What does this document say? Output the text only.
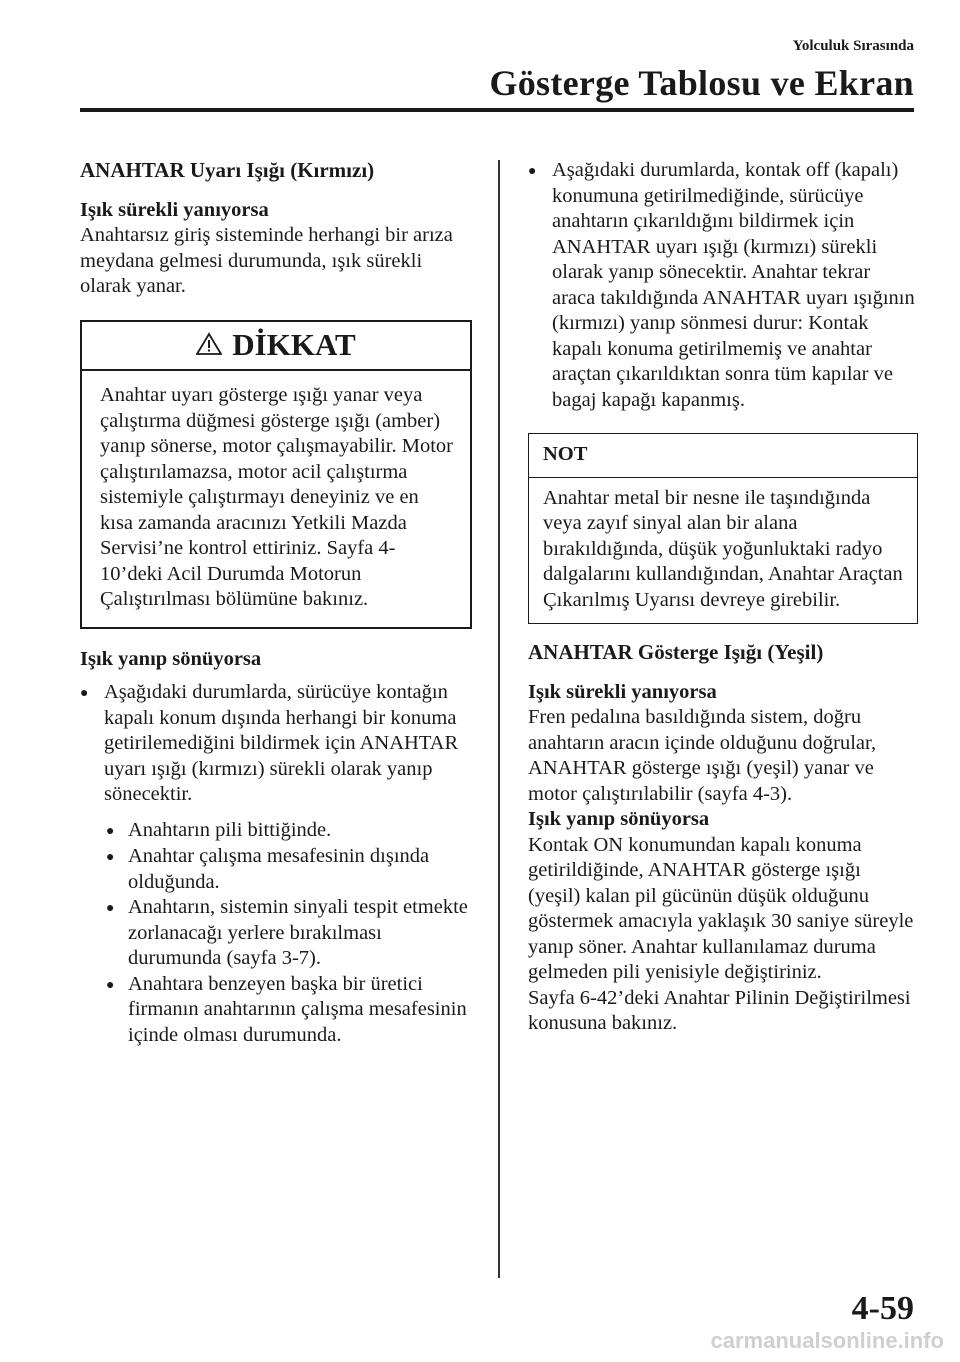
Yolculuk Sırasında
Gösterge Tablosu ve Ekran
ANAHTAR Uyarı Işığı (Kırmızı)
Işık sürekli yanıyorsa

Anahtarsız giriş sisteminde herhangi bir arıza meydana gelmesi durumunda, ışık sürekli olarak yanar.

DİKKAT
Anahtar uyarı gösterge ışığı yanar veya çalıştırma düğmesi gösterge ışığı (amber) yanıp sönerse, motor çalışmayabilir. Motor çalıştırılamazsa, motor acil çalıştırma sistemiyle çalıştırmayı deneyiniz ve en kısa zamanda aracınızı Yetkili Mazda Servisi’ne kontrol ettiriniz. Sayfa 4-10’deki Acil Durumda Motorun Çalıştırılması bölümüne bakınız.
Işık yanıp sönüyorsa
● Aşağıdaki durumlarda, sürücüye kontağın kapalı konum dışında herhangi bir konuma getirilemediğini bildirmek için ANAHTAR uyarı ışığı (kırmızı) sürekli olarak yanıp sönecektir.
● Anahtarın pili bittiğinde.
● Anahtar çalışma mesafesinin dışında olduğunda.
● Anahtarın, sistemin sinyali tespit etmekte zorlanacağı yerlere bırakılması durumunda (sayfa 3-7).
● Anahtara benzeyen başka bir üretici firmanın anahtarının çalışma mesafesinin içinde olması durumunda.
● Aşağıdaki durumlarda, kontak off (kapalı) konumuna getirilmediğinde, sürücüye anahtarın çıkarıldığını bildirmek için ANAHTAR uyarı ışığı (kırmızı) sürekli olarak yanıp sönecektir. Anahtar tekrar araca takıldığında ANAHTAR uyarı ışığının (kırmızı) yanıp sönmesi durur: Kontak kapalı konuma getirilmemiş ve anahtar araçtan çıkarıldıktan sonra tüm kapılar ve bagaj kapağı kapanmış.
NOT
Anahtar metal bir nesne ile taşındığında veya zayıf sinyal alan bir alana bırakıldığında, düşük yoğunluktaki radyo dalgalarını kullandığından, Anahtar Araçtan Çıkarılmış Uyarısı devreye girebilir.
ANAHTAR Gösterge Işığı (Yeşil)
Işık sürekli yanıyorsa

Fren pedalına basıldığında sistem, doğru anahtarın aracın içinde olduğunu doğrular, ANAHTAR gösterge ışığı (yeşil) yanar ve motor çalıştırılabilir (sayfa 4-3).

Işık yanıp sönüyorsa

Kontak ON konumundan kapalı konuma getirildiğinde, ANAHTAR gösterge ışığı (yeşil) kalan pil gücünün düşük olduğunu göstermek amacıyla yaklaşık 30 saniye süreyle yanıp söner. Anahtar kullanılamaz duruma gelmeden pili yenisiyle değiştiriniz.

Sayfa 6-42’deki Anahtar Pilinin Değiştirilmesi konusuna bakınız.

4-59
carmanualsonline.info
